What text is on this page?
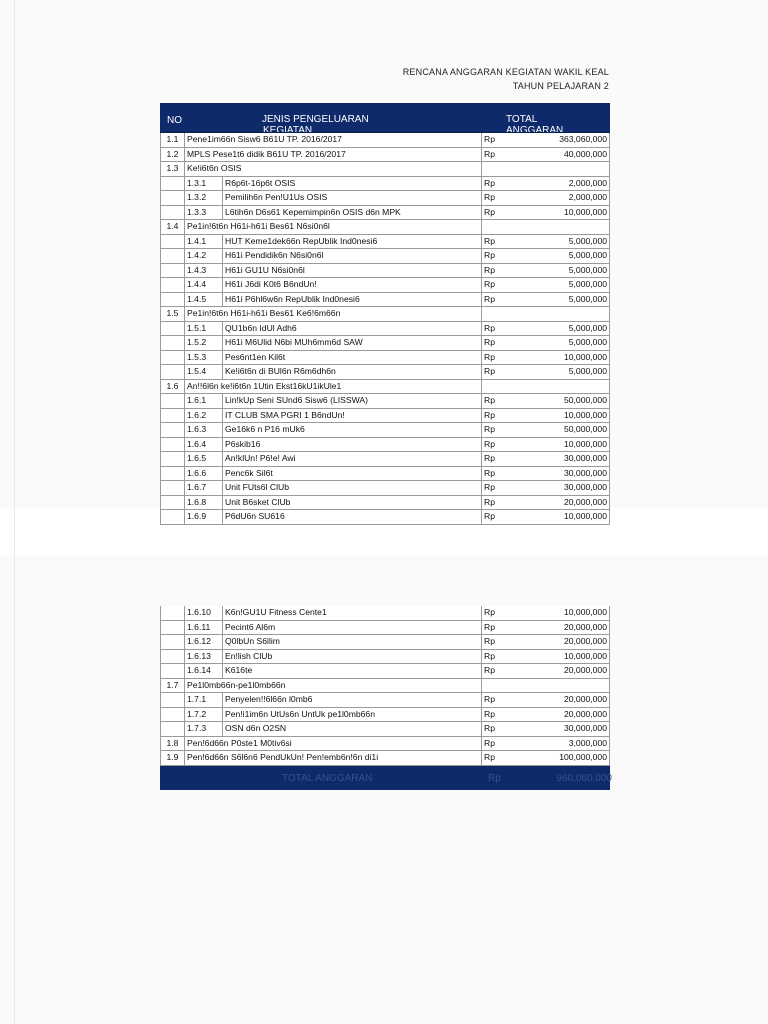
RENCANA ANGGARAN KEGIATAN WAKIL KEAL
TAHUN PELAJARAN 2
NO	JENIS PENGELUARAN
KEGIATAN
TOTAL
ANGGARAN
1.1 Pene1im66n Sisw6 B61U TP. 2016/2017	Rp	363,060,000
1.2 MPLS Pese1t6 didik B61U TP. 2016/2017	Rp	40,000,000
1.3 Ke!i6t6n OSIS
1.3.1	R6p6t-16p6t OSIS	Rp	2,000,000
1.3.2	Pemilih6n Pen!U1Us OSIS	Rp	2,000,000
1.3.3	L6tih6n D6s61 Kepemimpin6n OSIS d6n MPK	Rp	10,000,000
1.4 Pe1in!6t6n H61i-h61i Bes61 N6si0n6l
1.4.1	HUT Keme1dek66n RepUblik Ind0nesi6	Rp	5,000,000
1.4.2	H61i Pendidik6n N6si0n6l	Rp	5,000,000
1.4.3	H61i GU1U N6si0n6l	Rp	5,000,000
1.4.4	H61i J6di K0t6 B6ndUn!	Rp	5,000,000
1.4.5	H61i P6hl6w6n RepUblik Ind0nesi6	Rp	5,000,000
1.5 Pe1in!6t6n H61i-h61i Bes61 Ke6!6m66n
1.5.1	QU1b6n IdUl Adh6	Rp	5,000,000
1.5.2	H61i M6Ulid N6bi MUh6mm6d SAW	Rp	5,000,000
1.5.3	Pes6nt1en Kil6t	Rp	10,000,000
1.5.4	Ke!i6t6n di BUl6n R6m6dh6n	Rp	5,000,000
1.6 An!!6l6n ke!i6t6n 1Utin Ekst16kU1ikUle1
1.6.1	Lin!kUp Seni SUnd6 Sisw6 (LISSWA)	Rp	50,000,000
1.6.2	IT CLUB SMA PGRI 1 B6ndUn!	Rp	10,000,000
1.6.3	Ge16k6 n P16 mUk6	Rp	50,000,000
1.6.4	P6skib16	Rp	10,000,000
1.6.5	An!klUn! P6!e! Awi	Rp	30,000,000
1.6.6	Penc6k Sil6t	Rp	30,000,000
1.6.7	Unit FUts6l ClUb	Rp	30,000,000
1.6.8	Unit B6sket ClUb	Rp	20,000,000
1.6.9	P6dU6n SU616	Rp	10,000,000
1.6.10	K6n!GU1U Fitness Cente1	Rp	10,000,000
1.6.11	Pecint6 Al6m	Rp	20,000,000
1.6.12	Q0lbUn S6llim	Rp	20,000,000
1.6.13	En!lish ClUb	Rp	10,000,000
1.6.14	K616te	Rp	20,000,000
1.7 Pe1l0mb66n-pe1l0mb66n
1.7.1	Penyelen!!6l66n l0mb6	Rp	20,000,000
1.7.2	Pen!i1im6n UtUs6n UntUk pe1l0mb66n	Rp	20,000,000
1.7.3	OSN d6n O2SN	Rp	30,000,000
1.8 Pen!6d66n P0ste1 M0tiv6si	Rp	3,000,000
1.9 Pen!6d66n S6l6n6 PendUkUn! Pen!emb6n!6n di1i	Rp	100,000,000
TOTAL ANGGARAN	Rp	960,060,000
